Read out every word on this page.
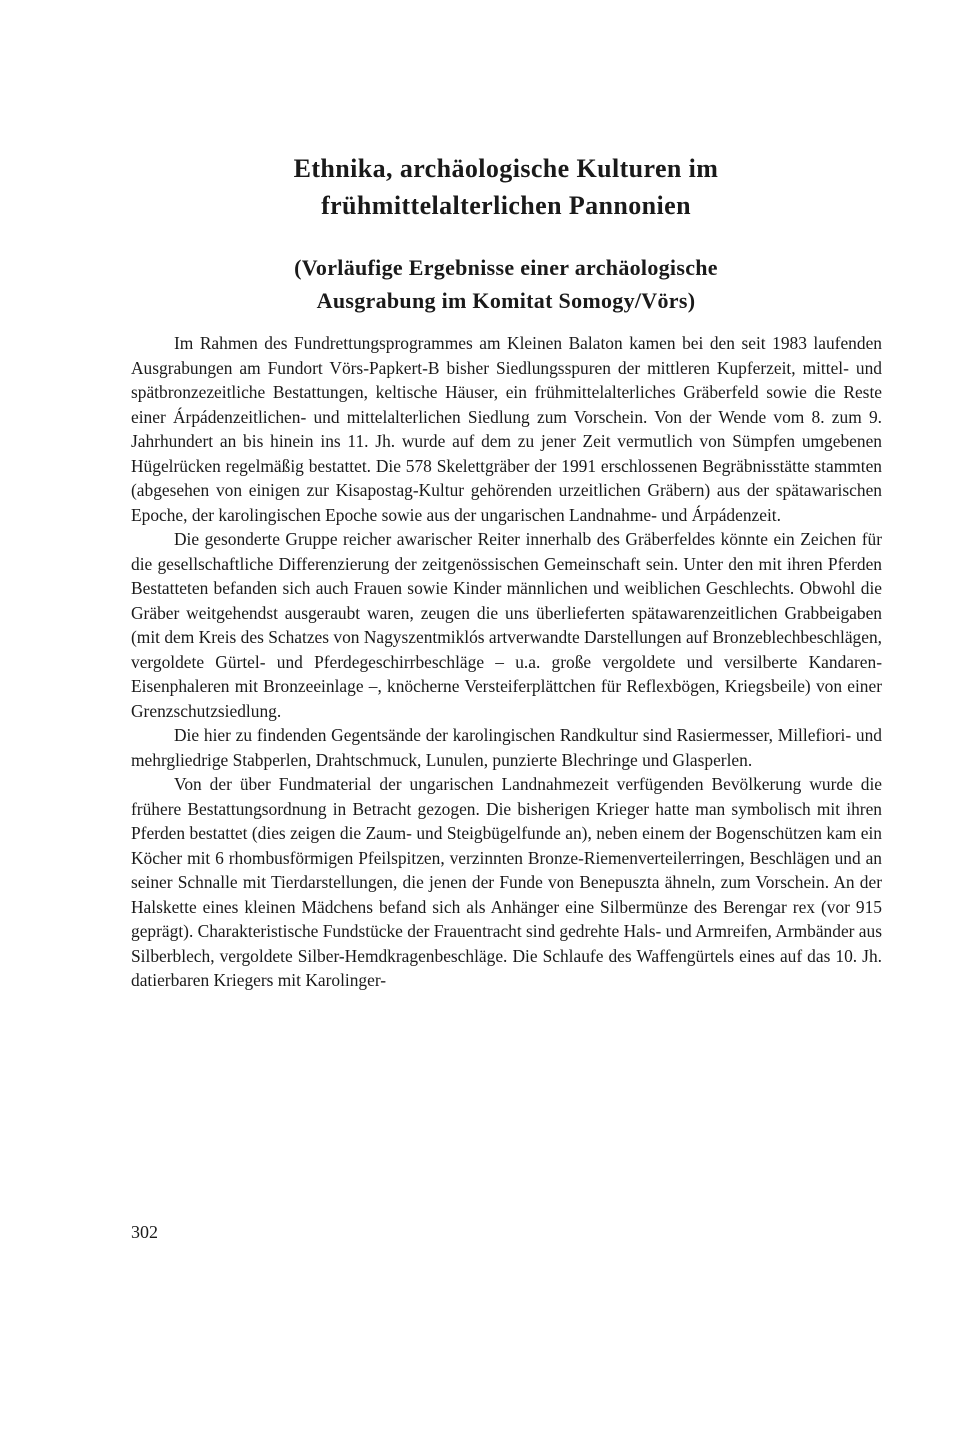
Ethnika, archäologische Kulturen im
frühmittelalterlichen Pannonien
(Vorläufige Ergebnisse einer archäologische
Ausgrabung im Komitat Somogy/Vörs)

Im Rahmen des Fundrettungsprogrammes am Kleinen Balaton kamen bei den seit 1983 laufenden Ausgrabungen am Fundort Vörs-Papkert-B bisher Siedlungsspuren der mittleren Kupferzeit, mittel- und spätbronzezeitliche Bestattungen, keltische Häuser, ein frühmittelalterliches Gräberfeld sowie die Reste einer Árpádenzeitlichen- und mittelalterlichen Siedlung zum Vorschein. Von der Wende vom 8. zum 9. Jahrhundert an bis hinein ins 11. Jh. wurde auf dem zu jener Zeit vermutlich von Sümpfen umgebenen Hügelrücken regelmäßig bestattet. Die 578 Skelettgräber der 1991 erschlossenen Begräbnisstätte stammten (abgesehen von einigen zur Kisapostag-Kultur gehörenden urzeitlichen Gräbern) aus der spätawarischen Epoche, der karolingischen Epoche sowie aus der ungarischen Landnahme- und Árpádenzeit.

Die gesonderte Gruppe reicher awarischer Reiter innerhalb des Gräberfeldes könnte ein Zeichen für die gesellschaftliche Differenzierung der zeitgenössischen Gemeinschaft sein. Unter den mit ihren Pferden Bestatteten befanden sich auch Frauen sowie Kinder männlichen und weiblichen Geschlechts. Obwohl die Gräber weitgehendst ausgeraubt waren, zeugen die uns überlieferten spätawarenzeitlichen Grabbeigaben (mit dem Kreis des Schatzes von Nagyszentmiklós artverwandte Darstellungen auf Bronzeblechbeschlägen, vergoldete Gürtel- und Pferdegeschirrbeschläge – u.a. große vergoldete und versilberte Kandaren-Eisenphaleren mit Bronzeeinlage –, knöcherne Versteiferplättchen für Reflexbögen, Kriegsbeile) von einer Grenzschutzsiedlung.

Die hier zu findenden Gegentsände der karolingischen Randkultur sind Rasiermesser, Millefiori- und mehrgliedrige Stabperlen, Drahtschmuck, Lunulen, punzierte Blechringe und Glasperlen.

Von der über Fundmaterial der ungarischen Landnahmezeit verfügenden Bevölkerung wurde die frühere Bestattungsordnung in Betracht gezogen. Die bisherigen Krieger hatte man symbolisch mit ihren Pferden bestattet (dies zeigen die Zaum- und Steigbügelfunde an), neben einem der Bogenschützen kam ein Köcher mit 6 rhombusförmigen Pfeilspitzen, verzinnten Bronze-Riemenverteilerringen, Beschlägen und an seiner Schnalle mit Tierdarstellungen, die jenen der Funde von Benepuszta ähneln, zum Vorschein. An der Halskette eines kleinen Mädchens befand sich als Anhänger eine Silbermünze des Berengar rex (vor 915 geprägt). Charakteristische Fundstücke der Frauentracht sind gedrehte Hals- und Armreifen, Armbänder aus Silberblech, vergoldete Silber-Hemdkragenbeschläge. Die Schlaufe des Waffengürtels eines auf das 10. Jh. datierbaren Kriegers mit Karolinger-

302
